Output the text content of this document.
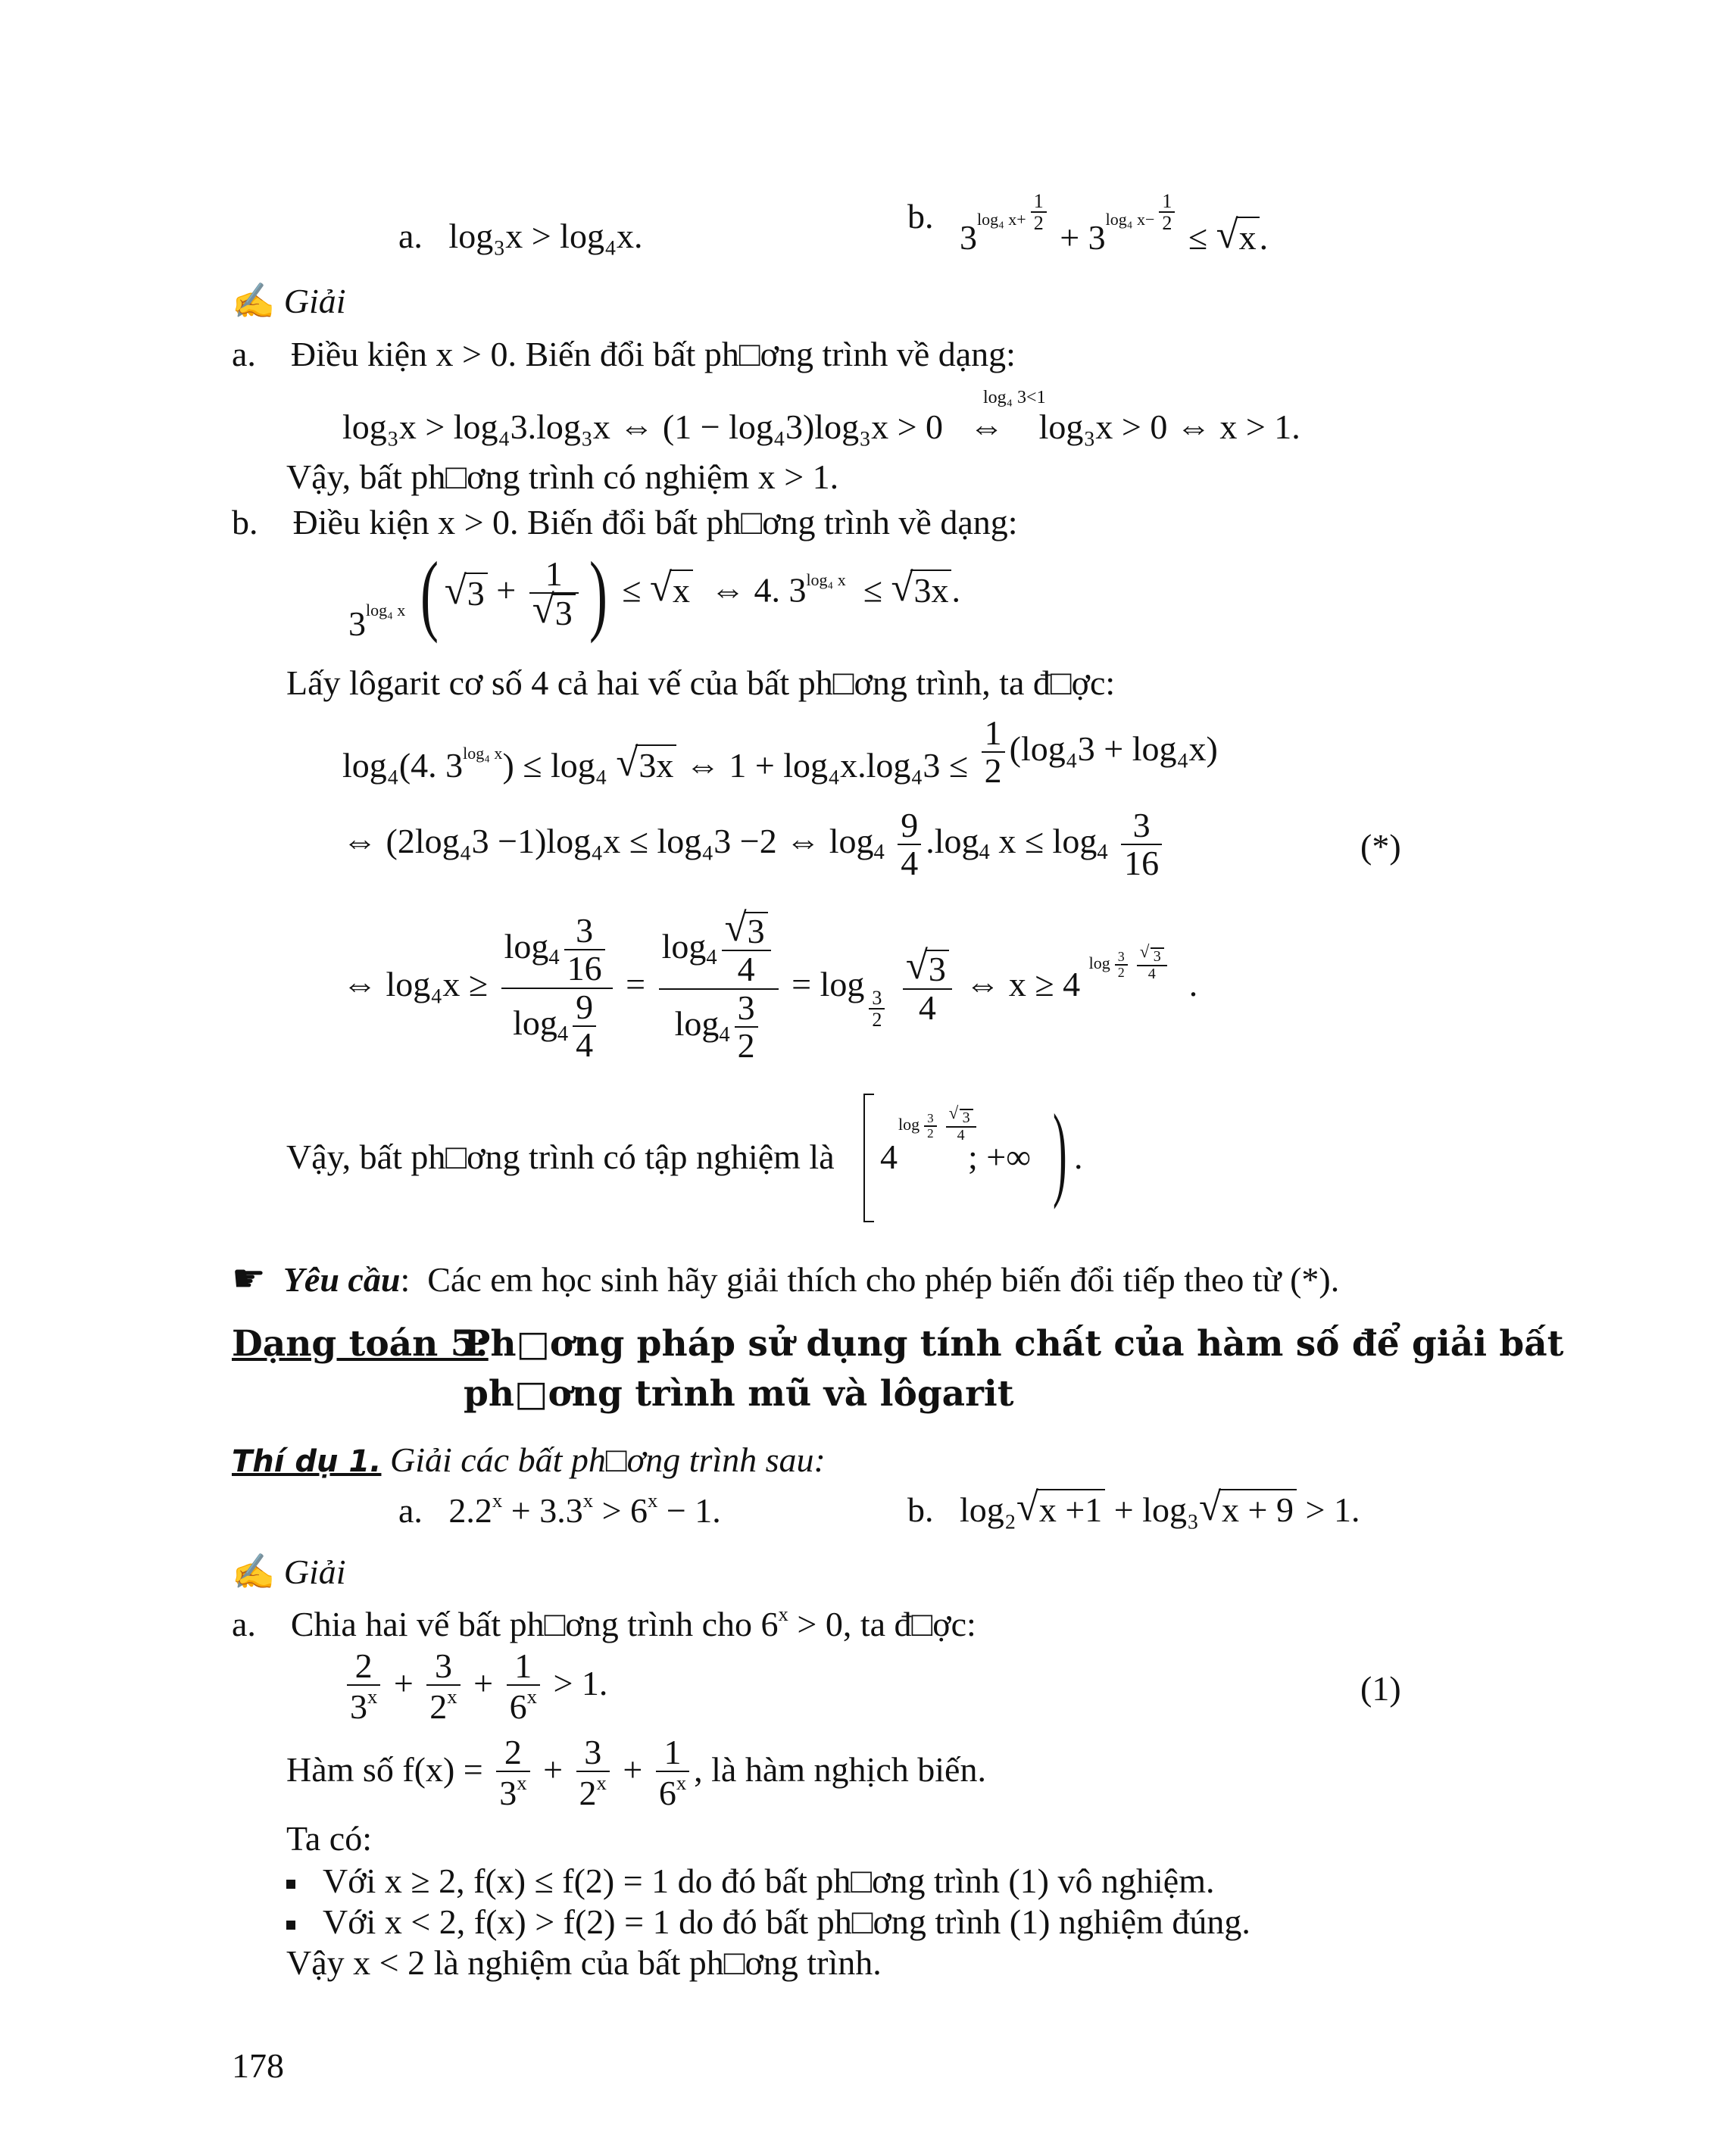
a. log₃x > log₄x.
b.   3log₄ $x+ \frac{1}{2}$
+ 3log₄ $x- \frac{1}{2}$
≤ √ x.
✍ Giải
a. Điều kiện x > 0. Biến đổi bất ph□ơng trình về dạng:
log₄ 3<1
log₃x > log₄3.log₃x ⇔ (1 − log₄3)log₃x > 0 ⇔ log₃x > 0 ⇔ x > 1.
Vậy, bất ph□ơng trình có nghiệm x > 1.
b. Điều kiện x > 0. Biến đổi bất ph□ơng trình về dạng:
$3_{log_4 x}$ (√ 3 + 1
√ 3 ) ≤ √ x ⇔ 4. $3^{log_4 x}$ ≤ √ 3x.
Lấy lôgarit cơ số 4 cả hai vế của bất ph□ơng trình, ta đ□ợc:
log₄(4. 3log₄ x) ≤ log₄ √ 3x ⇔ $1 + \log_4x.\log_43 \le \frac{1}{2} (\log_43 + \log_4x)$
⇔ (2log₄3 −1)log₄x ≤ log₄3 −2 ⇔ $\log_4 \frac{9}{4} .\log_4$ $x \le \log_4 \frac{3}{16}$	(*)
⇔ $\log_4x \ge \frac{\log_4 \frac{3}{16}}{\log_4 \frac{9}{4}} = \log_4$
√ $\frac{3}{4}$
$\log_4 \frac{3}{2} = \log$
$\frac{3}{2}$

√ $\frac{3}{4}$ ⇔ x ≥ 4 $\log \frac{3}{2}$
√ $\frac{3}{4}$
.
Vậy, bất ph□ơng trình có tập nghiệm là 4
$\log \frac{3}{2}$
√ $\frac{3}{4}$
; +∞ ) .
☛ Yêu cầu: Các em học sinh hãy giải thích cho phép biến đổi tiếp theo từ (*).
Dạng toán 5:
Ph□ơng pháp sử dụng tính chất của hàm số để giải bất
ph□ơng trình mũ và lôgarit
Thí dụ 1. Giải các bất ph□ơng trình sau:
a. $2.2^x + 3.3^x > 6^x - 1$.	b. log₂√ x +1 + log₃√ x + 9 > 1.
✍ Giải
a. Chia hai vế bất ph□ơng trình cho $6^x > 0$, ta đ□ợc:
$\frac{2}{3^x} + \frac{3}{2^x} + \frac{1}{6^x} > 1$.	(1)
Hàm số $f(x) = \frac{2}{3^x} + \frac{3}{2^x} + \frac{1}{6^x}$ , là hàm nghịch biến.
Ta có:
Với x ≥ 2, f(x) ≤ f(2) = 1 do đó bất ph□ơng trình (1) vô nghiệm.
Với x < 2, f(x) > f(2) = 1 do đó bất ph□ơng trình (1) nghiệm đúng.
Vậy x < 2 là nghiệm của bất ph□ơng trình.
178
